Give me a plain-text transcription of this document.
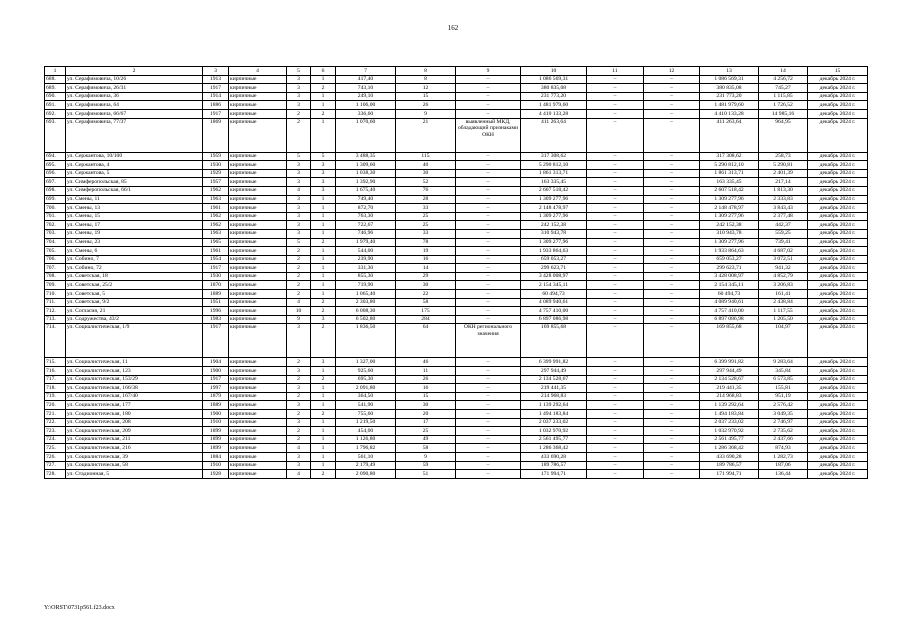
162
1	2	3	4	5	6	7	8	9	10	11	12	13	14	15
688.	ул. Серафимовича, 10/26	1913	кирпичные	3	1	417,40	8	–	1 086 569,31	–	–	1 086 569,31	4 256,72	декабрь 2024 г.
689.	ул. Серафимовича, 26/31	1917	кирпичные	3	2	743,10	12	–	380 835,08	–	–	380 835,08	745,27	декабрь 2024 г.
690.	ул. Серафимовича, 36	1914	кирпичные	3	1	249,10	15	–	231 773,20	–	–	231 773,20	1 115,85	декабрь 2024 г.
691.	ул. Серафимовича, 64	1886	кирпичные	3	1	1 106,00	26	–	1 481 979,60	–	–	1 481 979,60	1 726,52	декабрь 2024 г.
692.	ул. Серафимовича, 66/67	1917	кирпичные	2	2	336,60	9	–	4 410 133,28	–	–	4 410 133,28	14 985,16	декабрь 2024 г.
693.	ул. Серафимовича, 77/37	1869	кирпичные	2	1	1 070,60	21	выявленный МКД, обладающий признаками ОКН	411 263,64	–	–	411 263,64	964,95	декабрь 2024 г.
694.	ул. Сержантова, 10/100	1959	кирпичные	5	5	3 488,35	115	–	317 308,62	–	–	317 308,62	258,73	декабрь 2024 г.
695.	ул. Сержантова, 4	1930	кирпичные	3	3	1 309,60	40	–	5 290 812,10	–	–	5 290 812,10	5 290,81	декабрь 2024 г.
696.	ул. Сержантова, 5	1929	кирпичные	3	3	1 038,30	30	–	1 861 313,71	–	–	1 861 313,71	2 401,39	декабрь 2024 г.
697.	ул. Симферопольская, 85	1957	кирпичные	3	3	1 392,90	52	–	163 335,45	–	–	163 335,45	217,14	декабрь 2024 г.
698.	ул. Симферопольская, 66/1	1962	кирпичные	4	3	1 675,40	76	–	2 607 518,42	–	–	2 607 518,42	1 813,30	декабрь 2024 г.
699.	ул. Смены, 11	1963	кирпичные	3	1	749,40	28	–	1 309 277,96	–	–	1 309 277,96	2 333,83	декабрь 2024 г.
700.	ул. Смены, 13	1961	кирпичные	3	1	872,70	33	–	2 148 478,97	–	–	2 148 478,97	3 843,43	декабрь 2024 г.
701.	ул. Смены, 15	1962	кирпичные	3	1	763,30	25	–	1 309 277,96	–	–	1 309 277,96	2 377,48	декабрь 2024 г.
702.	ул. Смены, 17	1962	кирпичные	3	1	722,67	25	–	242 152,38	–	–	242 152,38	442,37	декабрь 2024 г.
703.	ул. Смены, 19	1963	кирпичные	3	1	746,96	33	–	310 943,78	–	–	310 943,78	559,25	декабрь 2024 г.
704.	ул. Смены, 23	1965	кирпичные	5	2	1 979,40	78	–	1 309 277,96	–	–	1 309 277,96	739,41	декабрь 2024 г.
705.	ул. Смены, 6	1961	кирпичные	2	1	544,00	19	–	1 933 864,63	–	–	1 933 864,63	4 687,02	декабрь 2024 г.
706.	ул. Собино, 7	1954	кирпичные	2	1	239,90	16	–	659 053,27	–	–	659 053,27	3 072,51	декабрь 2024 г.
707.	ул. Собино, 72	1917	кирпичные	2	1	331,30	14	–	299 623,71	–	–	299 623,71	941,32	декабрь 2024 г.
708.	ул. Советская, 18	1930	кирпичные	2	1	855,30	29	–	3 428 008,97	–	–	3 428 008,97	4 852,79	декабрь 2024 г.
709.	ул. Советская, 25/2	1870	кирпичные	2	1	719,90	30	–	2 154 345,11	–	–	2 154 345,11	3 206,83	декабрь 2024 г.
710.	ул. Советская, 5	1889	кирпичные	2	1	1 065,40	22	–	60 494,73	–	–	60 494,73	161,41	декабрь 2024 г.
711.	ул. Советская, 9/2	1951	кирпичные	4	2	2 303,80	58	–	4 089 940,61	–	–	4 089 940,61	2 438,84	декабрь 2024 г.
712.	ул. Согласия, 21	1996	кирпичные	10	2	6 008,30	175	–	4 757 410,00	–	–	4 757 410,00	1 117,55	декабрь 2024 г.
713.	ул. Содружества, 43/2	1983	кирпичные	9	3	6 502,80	284	–	6 897 086,98	–	–	6 897 086,98	1 205,50	декабрь 2024 г.
714.	ул. Социалистическая, 1/9	1917	кирпичные	3	2	1 836,50	64	ОКН регионального значения	169 855,68	–	–	169 855,68	104,97	декабрь 2024 г.
715.	ул. Социалистическая, 11	1904	кирпичные	2	3	1 327,00	46	–	6 399 991,82	–	–	6 399 991,82	9 283,64	декабрь 2024 г.
716.	ул. Социалистическая, 123	1900	кирпичные	3	1	925,60	11	–	297 944,49	–	–	297 944,49	345,84	декабрь 2024 г.
717.	ул. Социалистическая, 153/29	1917	кирпичные	2	2	695,30	26	–	2 134 528,67	–	–	2 134 528,67	6 573,85	декабрь 2024 г.
718.	ул. Социалистическая, 166/38	1997	кирпичные	3	1	2 091,80	16	–	219 441,35	–	–	219 441,35	155,81	декабрь 2024 г.
719.	ул. Социалистическая, 167/40	1879	кирпичные	2	1	364,50	15	–	214 968,83	–	–	214 968,83	951,19	декабрь 2024 г.
720.	ул. Социалистическая, 177	1889	кирпичные	3	1	541,90	30	–	1 139 292,64	–	–	1 139 292,64	2 576,42	декабрь 2024 г.
721.	ул. Социалистическая, 180	1900	кирпичные	2	2	755,60	20	–	1 494 183,84	–	–	1 494 183,84	3 049,35	декабрь 2024 г.
722.	ул. Социалистическая, 208	1910	кирпичные	3	1	1 219,50	17	–	2 037 233,02	–	–	2 037 233,02	2 746,97	декабрь 2024 г.
723.	ул. Социалистическая, 209	1899	кирпичные	2	1	454,00	25	–	1 032 970,92	–	–	1 032 970,92	2 735,62	декабрь 2024 г.
724.	ул. Социалистическая, 211	1899	кирпичные	2	1	1 126,80	49	–	2 561 495,77	–	–	2 561 495,77	2 437,66	декабрь 2024 г.
725.	ул. Социалистическая, 216	1899	кирпичные	4	1	1 796,82	58	–	1 286 368,42	–	–	1 286 368,42	874,93	декабрь 2024 г.
726.	ул. Социалистическая, 39	1884	кирпичные	3	1	561,10	9	–	433 690,28	–	–	433 690,28	1 282,73	декабрь 2024 г.
727.	ул. Социалистическая, 58	1910	кирпичные	3	1	2 179,49	59	–	189 786,57	–	–	189 786,57	187,06	декабрь 2024 г.
728.	ул. Стадионная, 5	1928	кирпичные	4	2	2 090,80	51	–	171 994,71	–	–	171 994,71	136,44	декабрь 2024 г.
Y:\ORST\0731p561.f23.docx
